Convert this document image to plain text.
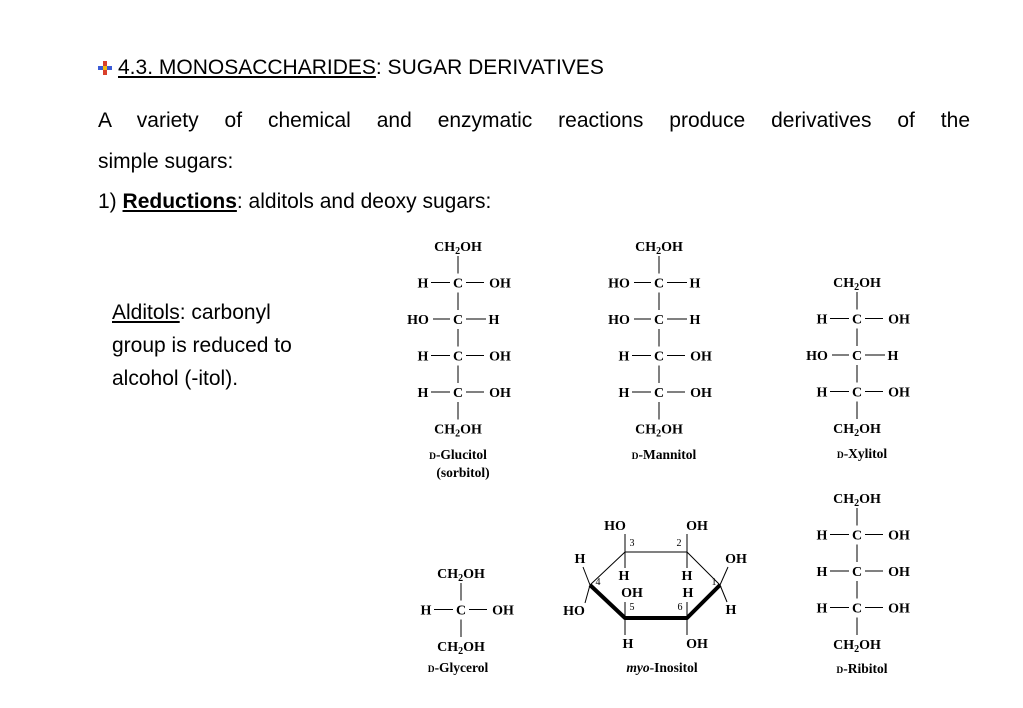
4.3. MONOSACCHARIDES: SUGAR DERIVATIVES
A variety of chemical and enzymatic reactions produce derivatives of the
simple sugars:
1) Reductions: alditols and deoxy sugars:
Alditols: carbonyl
group is reduced to
alcohol (-itol).
$CH_2OH$
H C OH
HO C H
H C OH
H C OH
$CH_2OH$
D-Glucitol
(sorbitol)
$CH_2OH$
HO C H
HO C H
H C OH
H C OH
$CH_2OH$
D-Mannitol
$CH_2OH$
H C OH
HO C H
H C OH
$CH_2OH$
D-Xylitol
$CH_2OH$
H C OH
$CH_2OH$
D-Glycerol
$CH_2OH$
H C OH
H C OH
H C OH
$CH_2OH$
D-Ribitol
HO	OH
H	H
OH	H
H	OH
H
HO
OH
H
1
2
3
4
5	6
myo-Inositol
